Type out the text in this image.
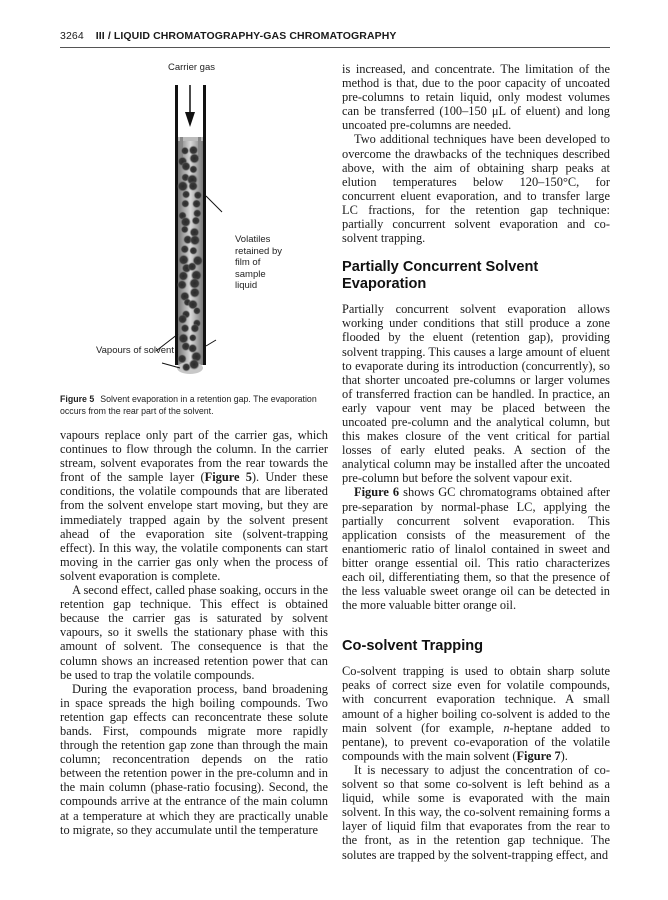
3264 III / LIQUID CHROMATOGRAPHY-GAS CHROMATOGRAPHY
Carrier gas
Volatiles
retained by
film of
sample
liquid
Vapours of solvent
Figure 5 Solvent evaporation in a retention gap. The evaporation occurs from the rear part of the solvent.

vapours replace only part of the carrier gas, which continues to flow through the column. In the carrier stream, solvent evaporates from the rear towards the front of the sample layer (Figure 5). Under these conditions, the volatile compounds that are liberated from the solvent envelope start moving, but they are immediately trapped again by the solvent present ahead of the evaporation site (solvent-trapping effect). In this way, the volatile components can start moving in the carrier gas only when the process of solvent evaporation is complete.

A second effect, called phase soaking, occurs in the retention gap technique. This effect is obtained because the carrier gas is saturated by solvent vapours, so it swells the stationary phase with this amount of solvent. The consequence is that the column shows an increased retention power that can be used to trap the volatile compounds.

During the evaporation process, band broadening in space spreads the high boiling compounds. Two retention gap effects can reconcentrate these solute bands. First, compounds migrate more rapidly through the retention gap zone than through the main column; reconcentration depends on the ratio between the retention power in the pre-column and in the main column (phase-ratio focusing). Second, the compounds arrive at the entrance of the main column at a temperature at which they are practically unable to migrate, so they accumulate until the temperature

is increased, and concentrate. The limitation of the method is that, due to the poor capacity of uncoated pre-columns to retain liquid, only modest volumes can be transferred (100–150 μL of eluent) and long uncoated pre-columns are needed.

Two additional techniques have been developed to overcome the drawbacks of the techniques described above, with the aim of obtaining sharp peaks at elution temperatures below 120–150°C, for concurrent eluent evaporation, and to transfer large LC fractions, for the retention gap technique: partially concurrent solvent evaporation and co-solvent trapping.

Partially Concurrent Solvent Evaporation

Partially concurrent solvent evaporation allows working under conditions that still produce a zone flooded by the eluent (retention gap), providing solvent trapping. This causes a large amount of eluent to evaporate during its introduction (concurrently), so that shorter uncoated pre-columns or larger volumes of transferred fraction can be handled. In practice, an early vapour vent may be placed between the uncoated pre-column and the analytical column, but this makes closure of the vent critical for partial losses of early eluted peaks. A section of the analytical column may be installed after the uncoated pre-column but before the solvent vapour exit.

Figure 6 shows GC chromatograms obtained after pre-separation by normal-phase LC, applying the partially concurrent solvent evaporation. This application consists of the measurement of the enantiomeric ratio of linalol contained in sweet and bitter orange essential oil. This ratio characterizes each oil, differentiating them, so that the presence of the less valuable sweet orange oil can be detected in the more valuable bitter orange oil.

Co-solvent Trapping

Co-solvent trapping is used to obtain sharp solute peaks of correct size even for volatile compounds, with concurrent evaporation technique. A small amount of a higher boiling co-solvent is added to the main solvent (for example, n-heptane added to pentane), to prevent co-evaporation of the volatile compounds with the main solvent (Figure 7).

It is necessary to adjust the concentration of co-solvent so that some co-solvent is left behind as a liquid, while some is evaporated with the main solvent. In this way, the co-solvent remaining forms a layer of liquid film that evaporates from the rear to the front, as in the retention gap technique. The solutes are trapped by the solvent-trapping effect, and
